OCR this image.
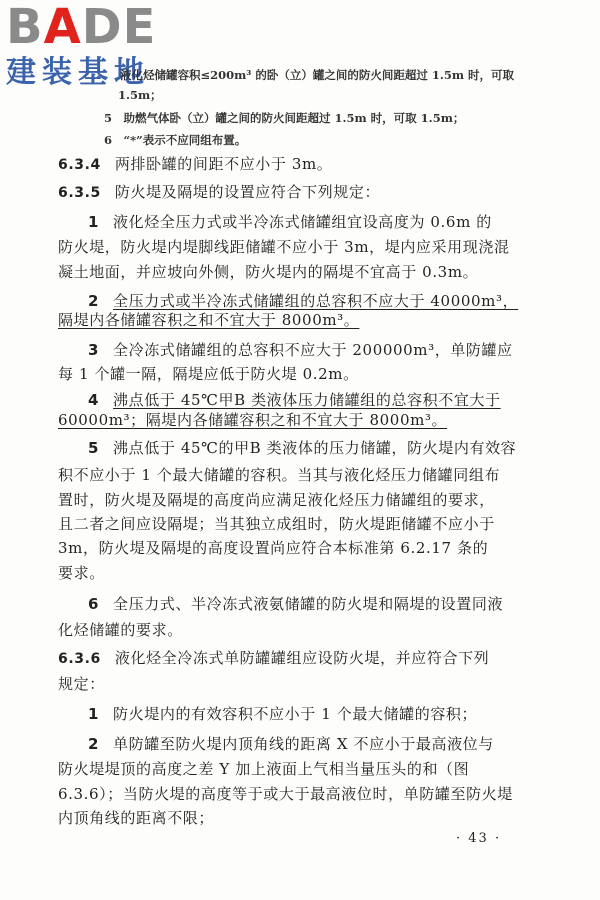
BADE
建装基地
液化烃储罐容积≤200m³ 的卧（立）罐之间的防火间距超过 1.5m 时，可取
1.5m；
5　助燃气体卧（立）罐之间的防火间距超过 1.5m 时，可取 1.5m；
6　“*”表示不应同组布置。
6.3.4 两排卧罐的间距不应小于 3m。
6.3.5 防火堤及隔堤的设置应符合下列规定：
1 液化烃全压力式或半冷冻式储罐组宜设高度为 0.6m 的
防火堤，防火堤内堤脚线距储罐不应小于 3m，堤内应采用现浇混
凝土地面，并应坡向外侧，防火堤内的隔堤不宜高于 0.3m。
2 全压力式或半冷冻式储罐组的总容积不应大于 40000m³，
隔堤内各储罐容积之和不宜大于 8000m³。
3 全冷冻式储罐组的总容积不应大于 200000m³，单防罐应
每 1 个罐一隔，隔堤应低于防火堤 0.2m。
4 沸点低于 45℃甲B 类液体压力储罐组的总容积不宜大于
60000m³；隔堤内各储罐容积之和不宜大于 8000m³。
5 沸点低于 45℃的甲B 类液体的压力储罐，防火堤内有效容
积不应小于 1 个最大储罐的容积。当其与液化烃压力储罐同组布
置时，防火堤及隔堤的高度尚应满足液化烃压力储罐组的要求，
且二者之间应设隔堤；当其独立成组时，防火堤距储罐不应小于
3m，防火堤及隔堤的高度设置尚应符合本标准第 6.2.17 条的
要求。
6 全压力式、半冷冻式液氨储罐的防火堤和隔堤的设置同液
化烃储罐的要求。
6.3.6 液化烃全冷冻式单防罐罐组应设防火堤，并应符合下列
规定：
1 防火堤内的有效容积不应小于 1 个最大储罐的容积；
2 单防罐至防火堤内顶角线的距离 X 不应小于最高液位与
防火堤堤顶的高度之差 Y 加上液面上气相当量压头的和（图
6.3.6）；当防火堤的高度等于或大于最高液位时，单防罐至防火堤
内顶角线的距离不限；
· 43 ·
